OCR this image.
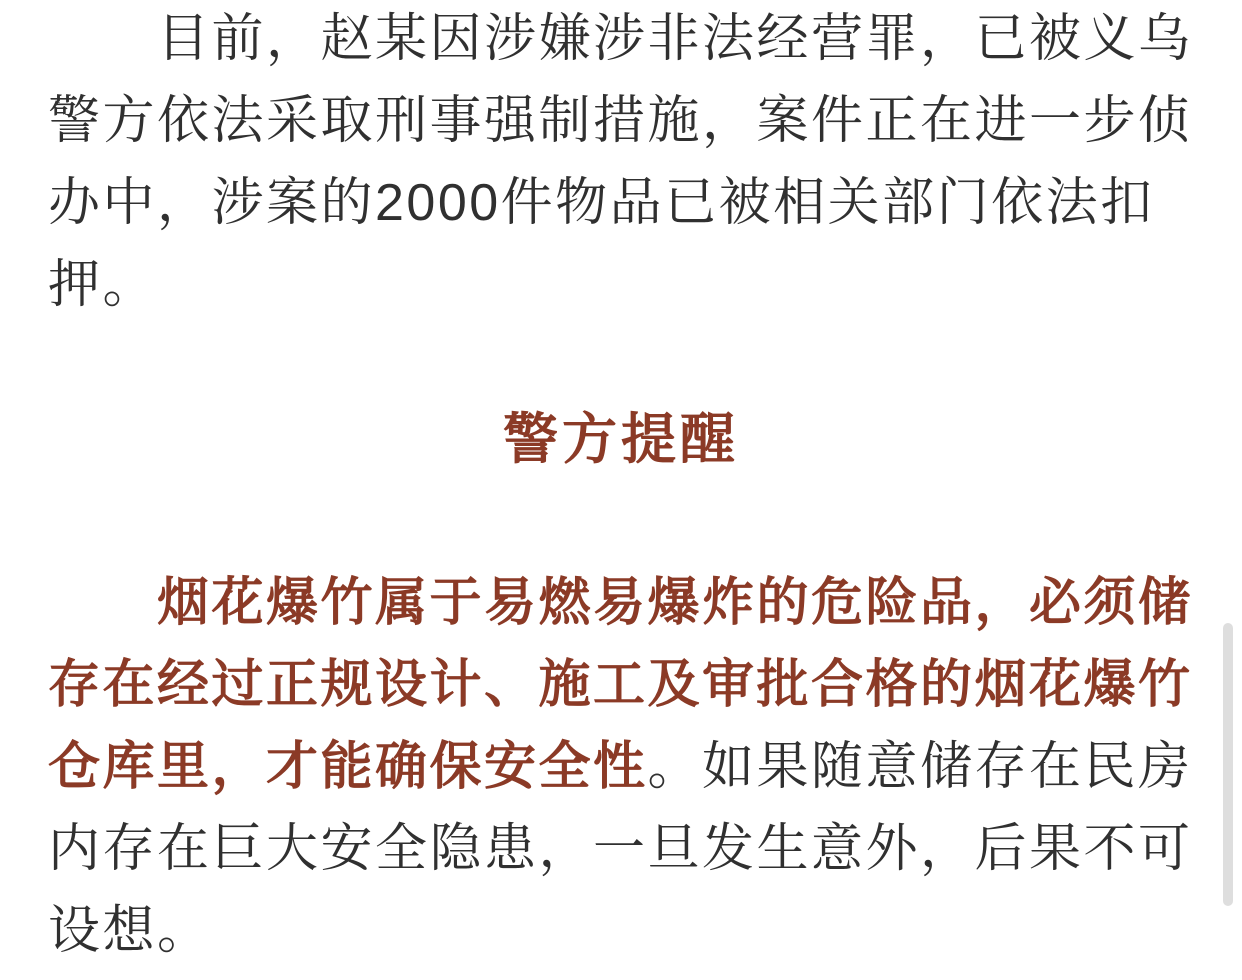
目前，赵某因涉嫌涉非法经营罪，已被义乌
警方依法采取刑事强制措施，案件正在进一步侦
办中，涉案的2000件物品已被相关部门依法扣
押。

警方提醒

烟花爆竹属于易燃易爆炸的危险品，必须储
存在经过正规设计、施工及审批合格的烟花爆竹
仓库里，才能确保安全性。如果随意储存在民房
内存在巨大安全隐患，一旦发生意外，后果不可
设想。
